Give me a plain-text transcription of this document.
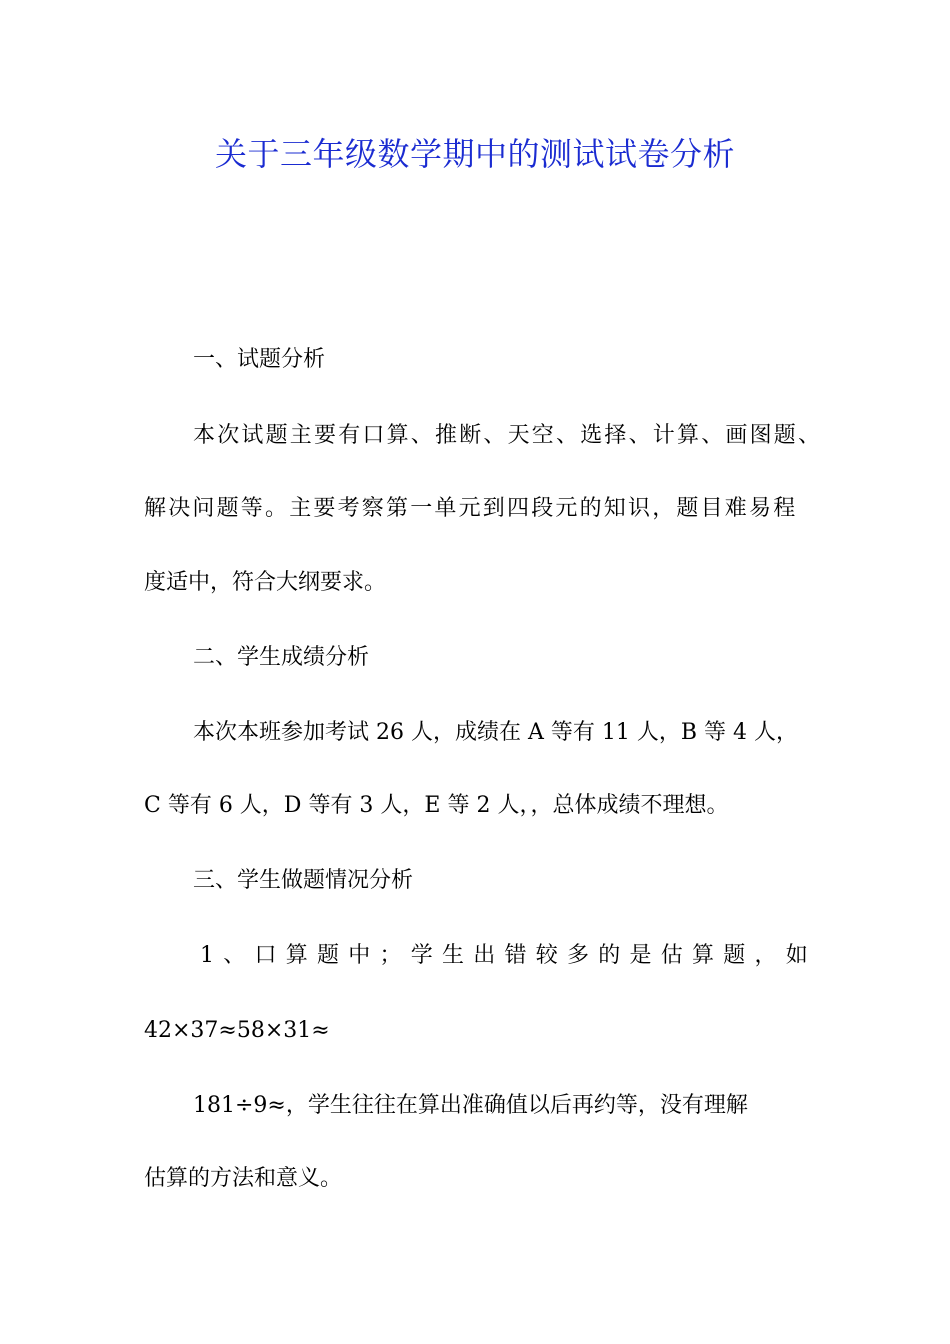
关于三年级数学期中的测试试卷分析
一、试题分析
本次试题主要有口算、推断、天空、选择、计算、画图题、
解决问题等。主要考察第一单元到四段元的知识，题目难易程
度适中，符合大纲要求。
二、学生成绩分析
本次本班参加考试 26 人，成绩在 A 等有 11 人，B 等 4 人，
C 等有 6 人，D 等有 3 人，E 等 2 人，，总体成绩不理想。
三、学生做题情况分析
1 、 口 算 题 中 ； 学 生 出 错 较 多 的 是 估 算 题 ， 如
42×37≈58×31≈
181÷9≈，学生往往在算出准确值以后再约等，没有理解
估算的方法和意义。
